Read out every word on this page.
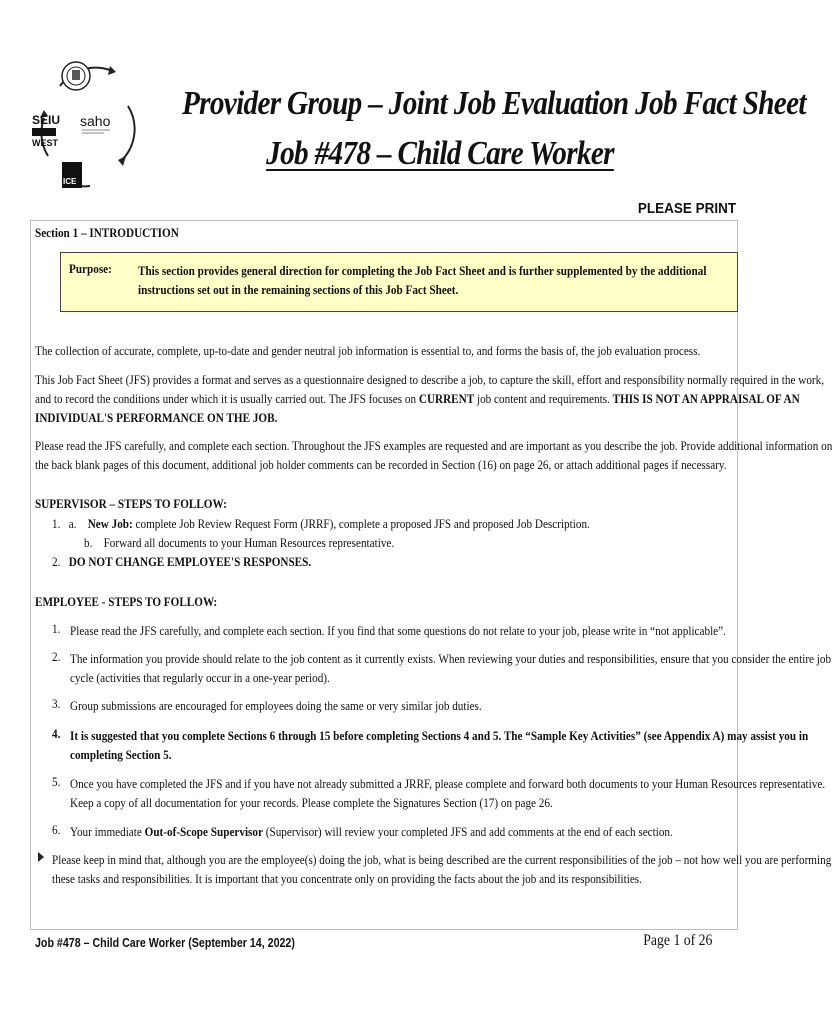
SEIU
WEST
saho
ICE
Provider Group – Joint Job Evaluation Job Fact Sheet
Job #478 – Child Care Worker
PLEASE PRINT
Section 1 – INTRODUCTION
Purpose: This section provides general direction for completing the Job Fact Sheet and is further supplemented by the additional instructions set out in the remaining sections of this Job Fact Sheet.
The collection of accurate, complete, up-to-date and gender neutral job information is essential to, and forms the basis of, the job evaluation process.
This Job Fact Sheet (JFS) provides a format and serves as a questionnaire designed to describe a job, to capture the skill, effort and responsibility normally required in the work,
and to record the conditions under which it is usually carried out. The JFS focuses on CURRENT job content and requirements. THIS IS NOT AN APPRAISAL OF AN
INDIVIDUAL'S PERFORMANCE ON THE JOB.
Please read the JFS carefully, and complete each section. Throughout the JFS examples are requested and are important as you describe the job. Provide additional information on
the back blank pages of this document, additional job holder comments can be recorded in Section (16) on page 26, or attach additional pages if necessary.
SUPERVISOR – STEPS TO FOLLOW:
1. a. New Job: complete Job Review Request Form (JRRF), complete a proposed JFS and proposed Job Description.
b. Forward all documents to your Human Resources representative.
2. DO NOT CHANGE EMPLOYEE'S RESPONSES.
EMPLOYEE - STEPS TO FOLLOW:
1. Please read the JFS carefully, and complete each section. If you find that some questions do not relate to your job, please write in “not applicable”.
2. The information you provide should relate to the job content as it currently exists. When reviewing your duties and responsibilities, ensure that you consider the entire job
cycle (activities that regularly occur in a one-year period).
3. Group submissions are encouraged for employees doing the same or very similar job duties.
4. It is suggested that you complete Sections 6 through 15 before completing Sections 4 and 5. The “Sample Key Activities” (see Appendix A) may assist you in
completing Section 5.
5. Once you have completed the JFS and if you have not already submitted a JRRF, please complete and forward both documents to your Human Resources representative.
Keep a copy of all documentation for your records. Please complete the Signatures Section (17) on page 26.
6. Your immediate Out-of-Scope Supervisor (Supervisor) will review your completed JFS and add comments at the end of each section.
Please keep in mind that, although you are the employee(s) doing the job, what is being described are the current responsibilities of the job – not how well you are performing
these tasks and responsibilities. It is important that you concentrate only on providing the facts about the job and its responsibilities.
Job #478 – Child Care Worker (September 14, 2022)	Page 1 of 26
